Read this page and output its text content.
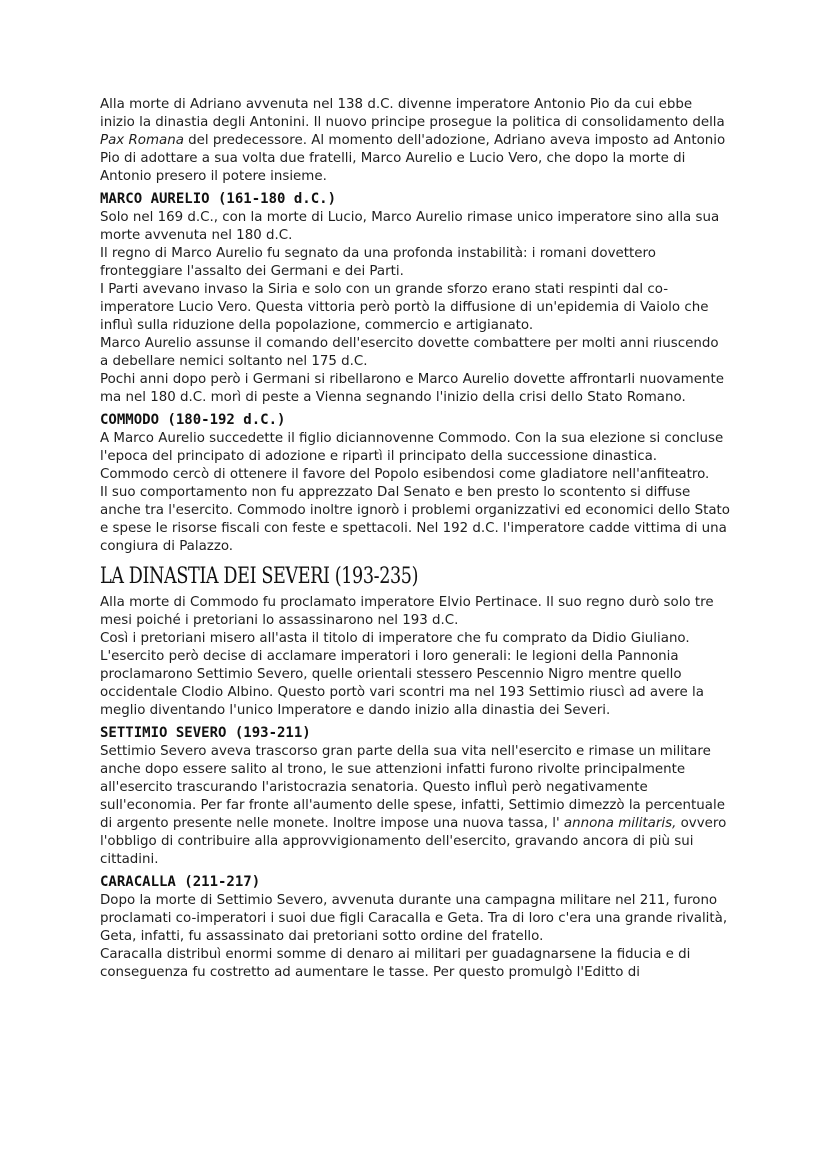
Alla morte di Adriano avvenuta nel 138 d.C. divenne imperatore Antonio Pio da cui ebbe inizio la dinastia degli Antonini. Il nuovo principe prosegue la politica di consolidamento della Pax Romana del predecessore. Al momento dell'adozione, Adriano aveva imposto ad Antonio Pio di adottare a sua volta due fratelli, Marco Aurelio e Lucio Vero, che dopo la morte di Antonio presero il potere insieme.

MARCO AURELIO (161-180 d.C.)

Solo nel 169 d.C., con la morte di Lucio, Marco Aurelio rimase unico imperatore sino alla sua morte avvenuta nel 180 d.C.

Il regno di Marco Aurelio fu segnato da una profonda instabilità: i romani dovettero fronteggiare l'assalto dei Germani e dei Parti.

I Parti avevano invaso la Siria e solo con un grande sforzo erano stati respinti dal co-imperatore Lucio Vero. Questa vittoria però portò la diffusione di un'epidemia di Vaiolo che influì sulla riduzione della popolazione, commercio e artigianato.

Marco Aurelio assunse il comando dell'esercito dovette combattere per molti anni riuscendo a debellare nemici soltanto nel 175 d.C.

Pochi anni dopo però i Germani si ribellarono e Marco Aurelio dovette affrontarli nuovamente ma nel 180 d.C. morì di peste a Vienna segnando l'inizio della crisi dello Stato Romano.

COMMODO (180-192 d.C.)

A Marco Aurelio succedette il figlio diciannovenne Commodo. Con la sua elezione si concluse l'epoca del principato di adozione e ripartì il principato della successione dinastica.

Commodo cercò di ottenere il favore del Popolo esibendosi come gladiatore nell'anfiteatro.

Il suo comportamento non fu apprezzato Dal Senato e ben presto lo scontento si diffuse anche tra l'esercito. Commodo inoltre ignorò i problemi organizzativi ed economici dello Stato e spese le risorse fiscali con feste e spettacoli. Nel 192 d.C. l'imperatore cadde vittima di una congiura di Palazzo.

LA DINASTIA DEI SEVERI (193-235)

Alla morte di Commodo fu proclamato imperatore Elvio Pertinace. Il suo regno durò solo tre mesi poiché i pretoriani lo assassinarono nel 193 d.C.

Così i pretoriani misero all'asta il titolo di imperatore che fu comprato da Didio Giuliano. L'esercito però decise di acclamare imperatori i loro generali: le legioni della Pannonia proclamarono Settimio Severo, quelle orientali stessero Pescennio Nigro mentre quello occidentale Clodio Albino. Questo portò vari scontri ma nel 193 Settimio riuscì ad avere la meglio diventando l'unico Imperatore e dando inizio alla dinastia dei Severi.

SETTIMIO SEVERO (193-211)

Settimio Severo aveva trascorso gran parte della sua vita nell'esercito e rimase un militare anche dopo essere salito al trono, le sue attenzioni infatti furono rivolte principalmente all'esercito trascurando l'aristocrazia senatoria. Questo influì però negativamente sull'economia. Per far fronte all'aumento delle spese, infatti, Settimio dimezzò la percentuale di argento presente nelle monete. Inoltre impose una nuova tassa, l' annona militaris, ovvero l'obbligo di contribuire alla approvvigionamento dell'esercito, gravando ancora di più sui cittadini.

CARACALLA (211-217)

Dopo la morte di Settimio Severo, avvenuta durante una campagna militare nel 211, furono proclamati co-imperatori i suoi due figli Caracalla e Geta. Tra di loro c'era una grande rivalità, Geta, infatti, fu assassinato dai pretoriani sotto ordine del fratello.

Caracalla distribuì enormi somme di denaro ai militari per guadagnarsene la fiducia e di conseguenza fu costretto ad aumentare le tasse. Per questo promulgò l'Editto di
